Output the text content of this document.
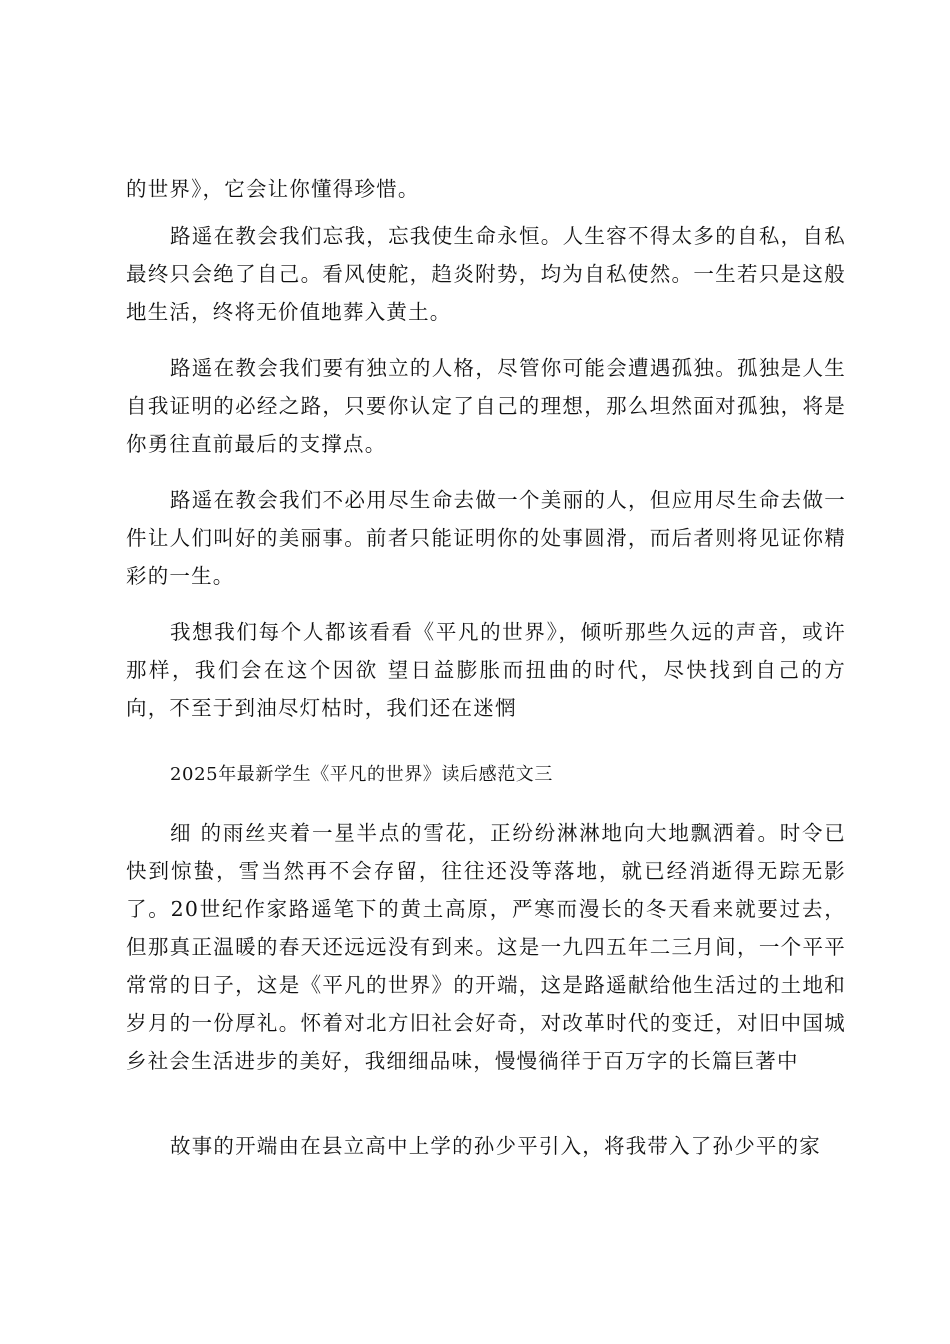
的世界》，它会让你懂得珍惜。

路遥在教会我们忘我，忘我使生命永恒。人生容不得太多的自私，自私最终只会绝了自己。看风使舵，趋炎附势，均为自私使然。一生若只是这般地生活，终将无价值地葬入黄土。

路遥在教会我们要有独立的人格，尽管你可能会遭遇孤独。孤独是人生自我证明的必经之路，只要你认定了自己的理想，那么坦然面对孤独，将是你勇往直前最后的支撑点。

路遥在教会我们不必用尽生命去做一个美丽的人，但应用尽生命去做一件让人们叫好的美丽事。前者只能证明你的处事圆滑，而后者则将见证你精彩的一生。

我想我们每个人都该看看《平凡的世界》，倾听那些久远的声音，或许那样，我们会在这个因欲 望日益膨胀而扭曲的时代，尽快找到自己的方向，不至于到油尽灯枯时，我们还在迷惘

2025年最新学生《平凡的世界》读后感范文三

细 的雨丝夹着一星半点的雪花，正纷纷淋淋地向大地飘洒着。时令已快到惊蛰，雪当然再不会存留，往往还没等落地，就已经消逝得无踪无影了。20世纪作家路遥笔下的黄土高原，严寒而漫长的冬天看来就要过去，但那真正温暖的春天还远远没有到来。这是一九四五年二三月间，一个平平常常的日子，这是《平凡的世界》的开端，这是路遥献给他生活过的土地和岁月的一份厚礼。怀着对北方旧社会好奇，对改革时代的变迁，对旧中国城乡社会生活进步的美好，我细细品味，慢慢徜徉于百万字的长篇巨著中

故事的开端由在县立高中上学的孙少平引入，将我带入了孙少平的家
